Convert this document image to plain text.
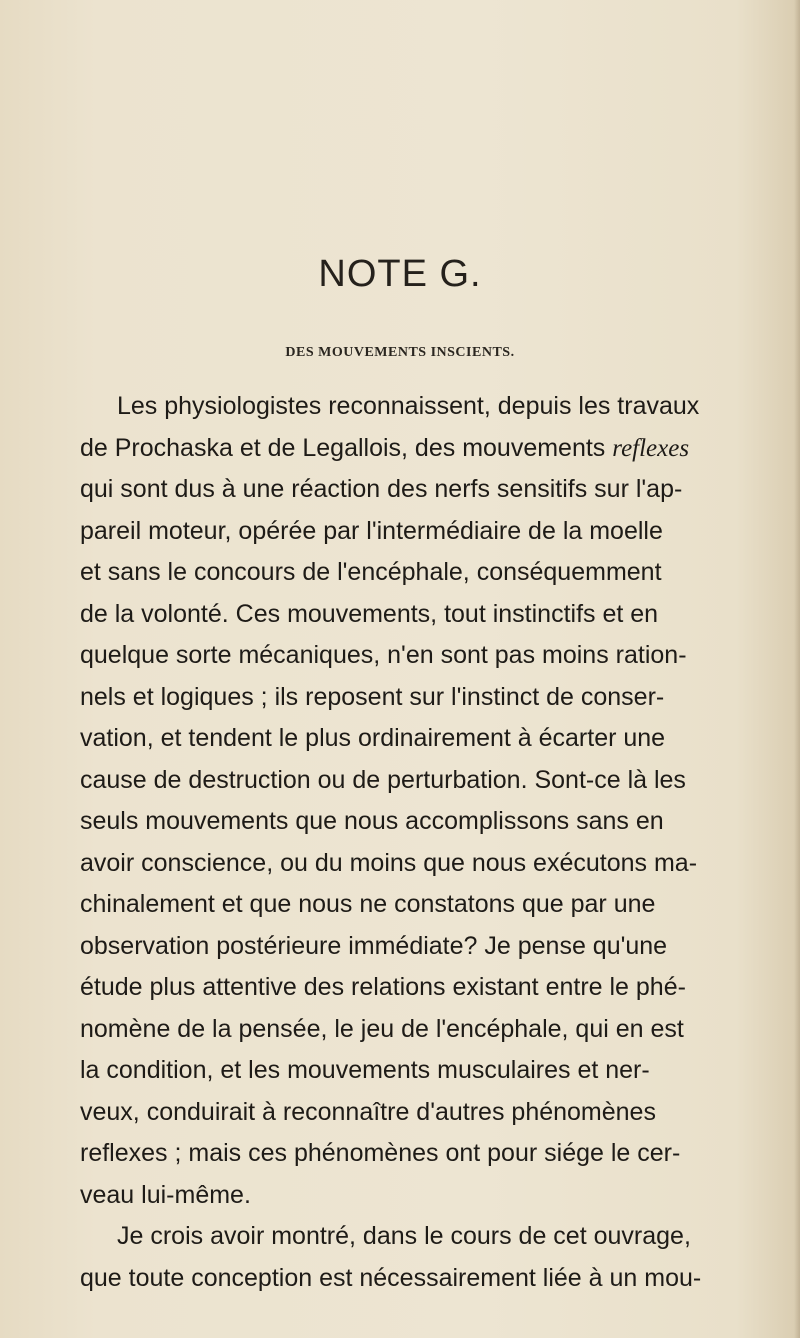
NOTE G.
DES MOUVEMENTS INSCIENTS.
Les physiologistes reconnaissent, depuis les travaux
de Prochaska et de Legallois, des mouvements reflexes
qui sont dus à une réaction des nerfs sensitifs sur l'ap-
pareil moteur, opérée par l'intermédiaire de la moelle
et sans le concours de l'encéphale, conséquemment
de la volonté. Ces mouvements, tout instinctifs et en
quelque sorte mécaniques, n'en sont pas moins ration-
nels et logiques ; ils reposent sur l'instinct de conser-
vation, et tendent le plus ordinairement à écarter une
cause de destruction ou de perturbation. Sont-ce là les
seuls mouvements que nous accomplissons sans en
avoir conscience, ou du moins que nous exécutons ma-
chinalement et que nous ne constatons que par une
observation postérieure immédiate? Je pense qu'une
étude plus attentive des relations existant entre le phé-
nomène de la pensée, le jeu de l'encéphale, qui en est
la condition, et les mouvements musculaires et ner-
veux, conduirait à reconnaître d'autres phénomènes
reflexes ; mais ces phénomènes ont pour siége le cer-
veau lui-même.
Je crois avoir montré, dans le cours de cet ouvrage,
que toute conception est nécessairement liée à un mou-
